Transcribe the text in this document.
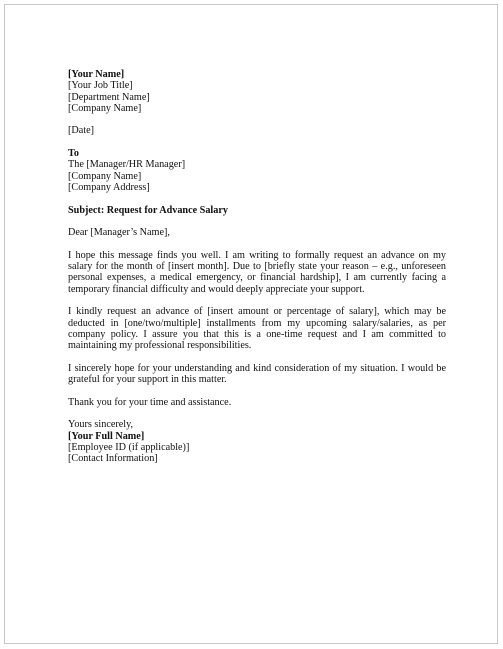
[Your Name]
[Your Job Title]
[Department Name]
[Company Name]
[Date]
To
The [Manager/HR Manager]
[Company Name]
[Company Address]
Subject: Request for Advance Salary
Dear [Manager’s Name],

I hope this message finds you well. I am writing to formally request an advance on my salary for the month of [insert month]. Due to [briefly state your reason – e.g., unforeseen personal expenses, a medical emergency, or financial hardship], I am currently facing a temporary financial difficulty and would deeply appreciate your support.

I kindly request an advance of [insert amount or percentage of salary], which may be deducted in [one/two/multiple] installments from my upcoming salary/salaries, as per company policy. I assure you that this is a one-time request and I am committed to maintaining my professional responsibilities.

I sincerely hope for your understanding and kind consideration of my situation. I would be grateful for your support in this matter.

Thank you for your time and assistance.

Yours sincerely,
[Your Full Name]
[Employee ID (if applicable)]
[Contact Information]
